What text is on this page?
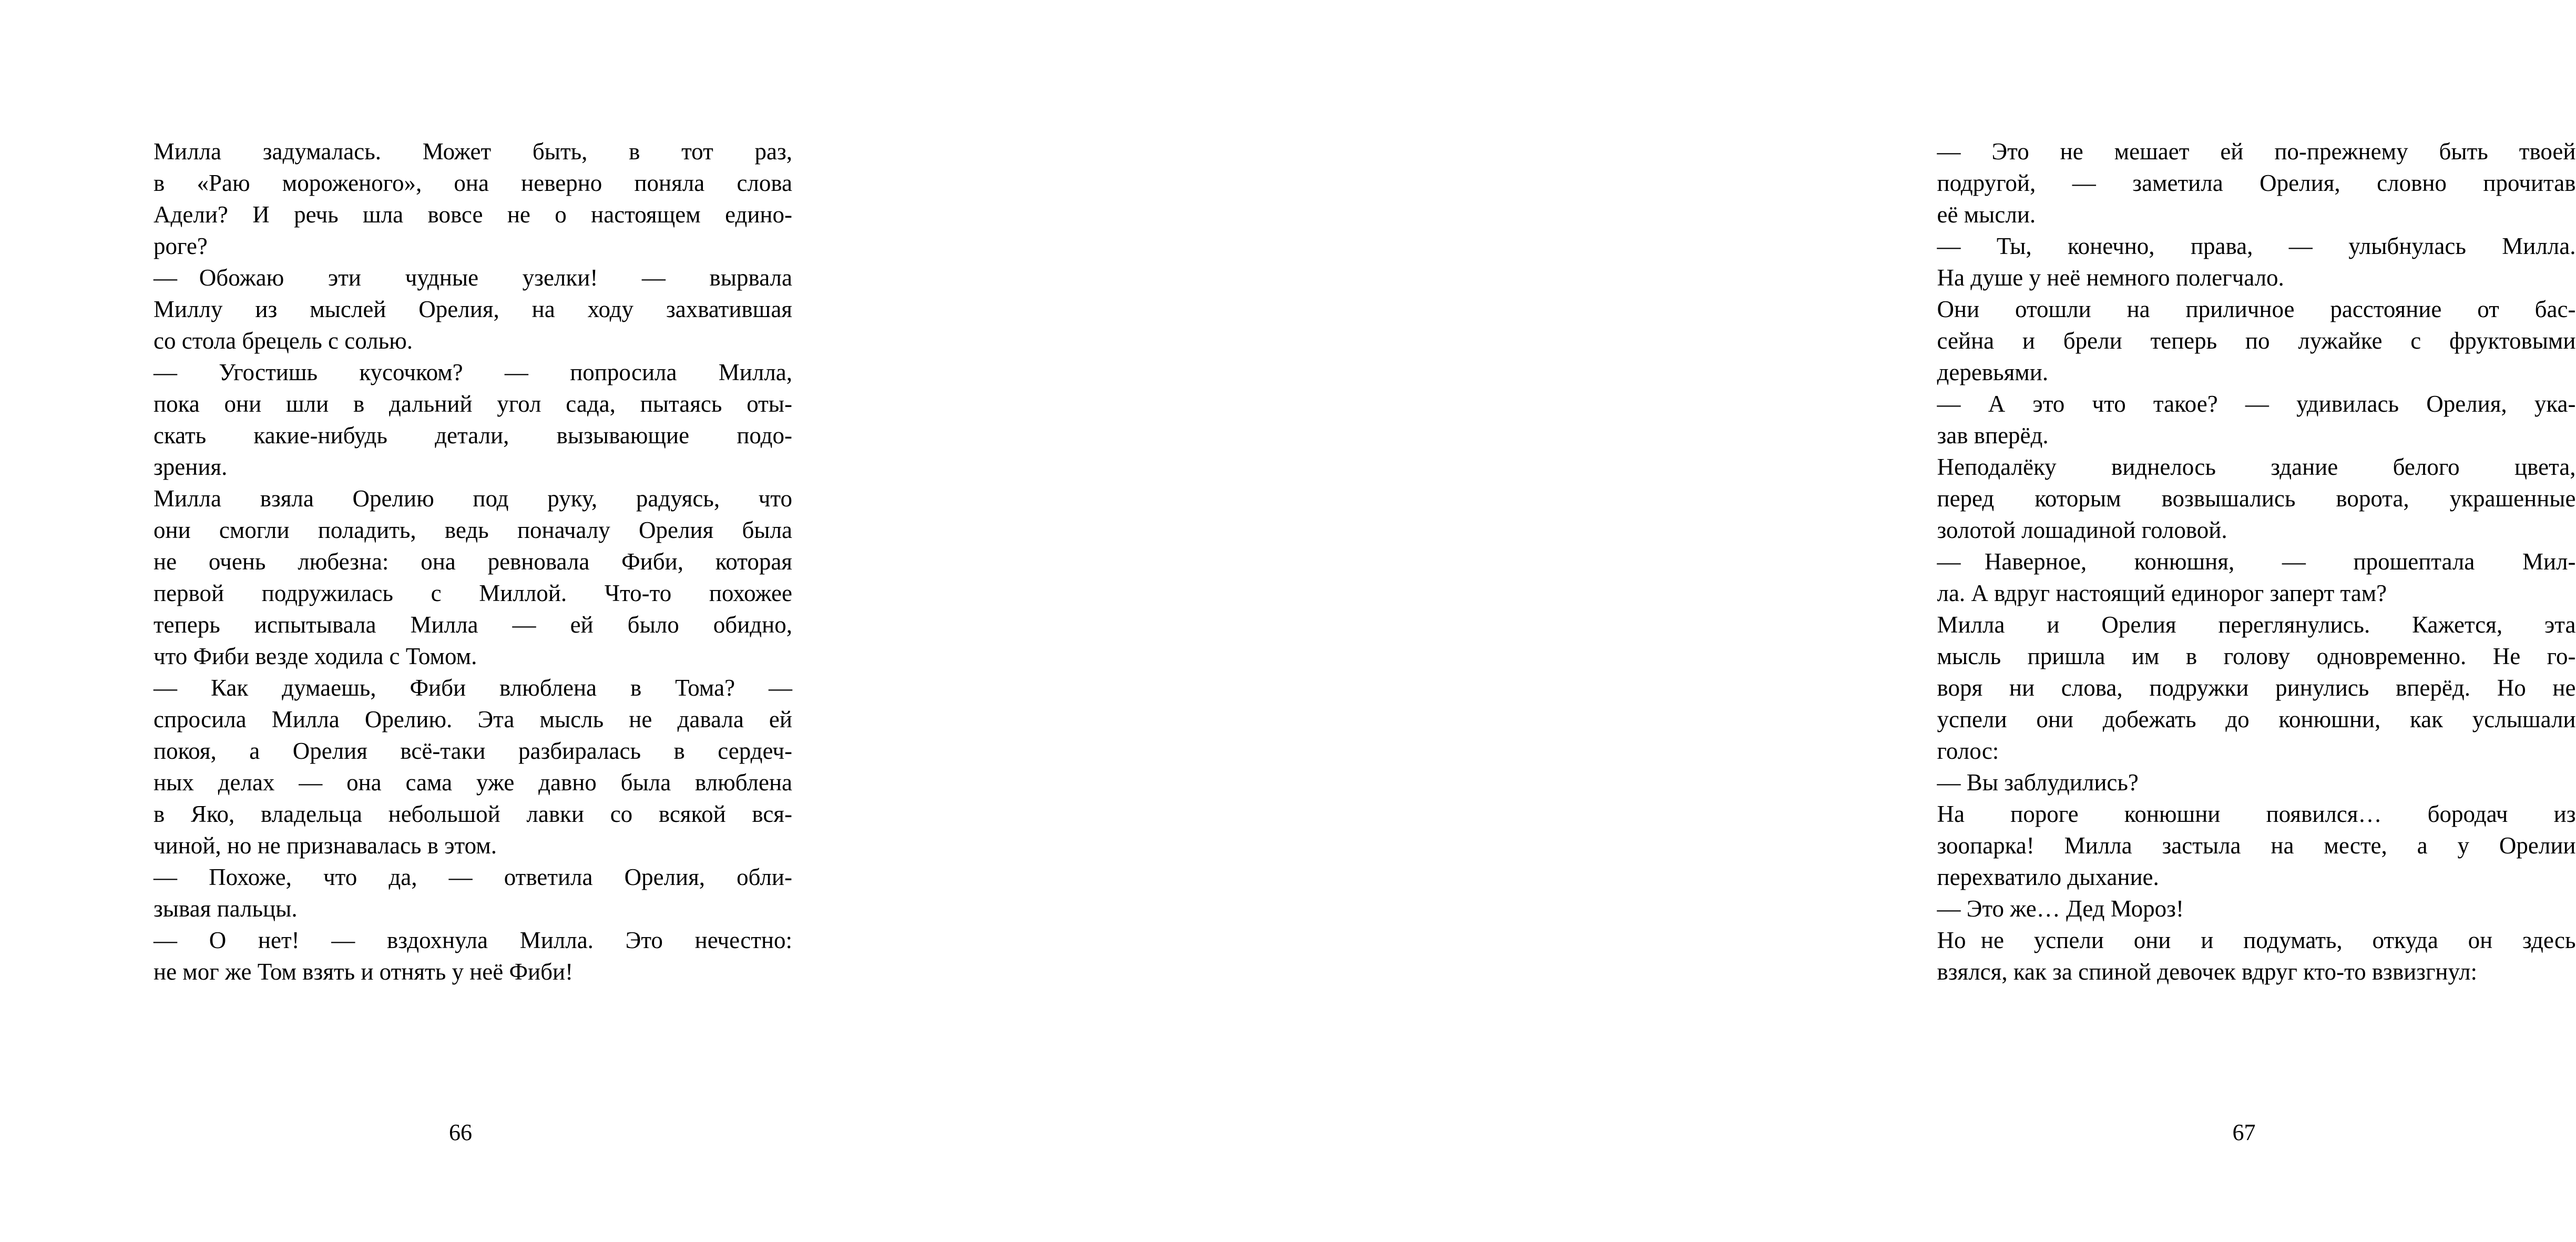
Милла  задумалась.  Может  быть,  в  тот  раз,
в «Раю мороженого», она неверно поняла слова
Адели? И речь шла вовсе не о настоящем едино-
роге?

— Обожаю  эти  чудные  узелки!  —  вырвала
Миллу из мыслей Орелия, на ходу захватившая
со стола брецель с солью.

— Угостишь кусочком? — попросила Милла,
пока они шли в дальний угол сада, пытаясь оты-
скать  какие-нибудь  детали,  вызывающие  подо-
зрения.

Милла взяла Орелию под руку, радуясь, что
они смогли поладить, ведь поначалу Орелия была
не очень любезна: она ревновала Фиби, которая
первой  подружилась  с  Миллой.  Что-то  похожее
теперь  испытывала  Милла  —  ей  было  обидно,
что Фиби везде ходила с Томом.

— Как думаешь, Фиби влюблена в Тома? —
спросила Милла Орелию. Эта мысль не давала ей
покоя, а Орелия всё-таки разбиралась в сердеч-
ных делах — она сама уже давно была влюблена
в Яко, владельца небольшой лавки со всякой вся-
чиной, но не признавалась в этом.

— Похоже, что да, — ответила Орелия, обли-
зывая пальцы.

— О нет! — вздохнула Милла. Это нечестно:
не мог же Том взять и отнять у неё Фиби!

66

— Это не мешает ей по-прежнему быть твоей
подругой, — заметила Орелия, словно прочитав
её мысли.

— Ты, конечно, права, — улыбнулась Милла.
На душе у неё немного полегчало.

Они отошли на приличное расстояние от бас-
сейна и брели теперь по лужайке с фруктовыми
деревьями.

— А это что такое? — удивилась Орелия, ука-
зав вперёд.

Неподалёку  виднелось  здание  белого  цвета,
перед которым возвышались ворота, украшенные
золотой лошадиной головой.

— Наверное,  конюшня,  —  прошептала  Мил-
ла. А вдруг настоящий единорог заперт там?

Милла и Орелия переглянулись. Кажется, эта
мысль пришла им в голову одновременно. Не го-
воря ни слова, подружки ринулись вперёд. Но не
успели они добежать до конюшни, как услышали
голос:

— Вы заблудились?

На  пороге  конюшни  появился…  бородач  из
зоопарка! Милла застыла на месте, а у Орелии
перехватило дыхание.

— Это же… Дед Мороз!

Но не  успели  они  и  подумать,  откуда  он  здесь
взялся, как за спиной девочек вдруг кто-то взвизгнул:

67
